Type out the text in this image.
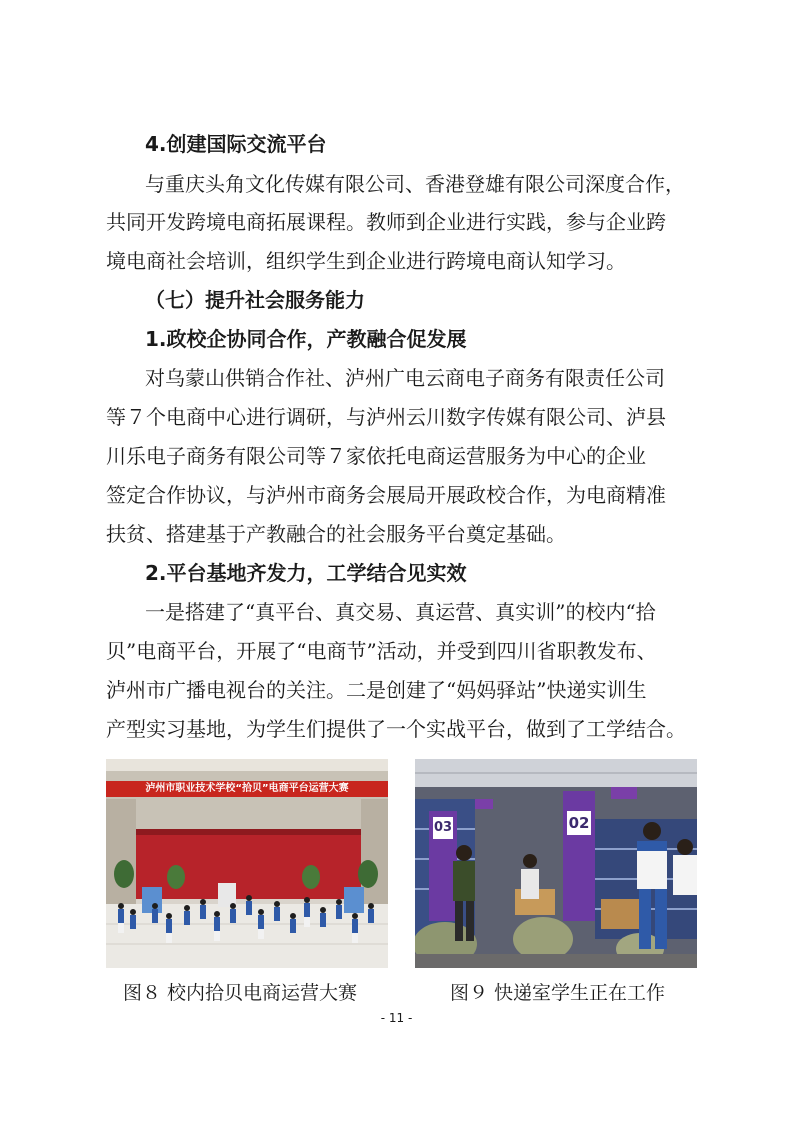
4.创建国际交流平台
与重庆头角文化传媒有限公司、香港登雄有限公司深度合作，
共同开发跨境电商拓展课程。教师到企业进行实践，参与企业跨
境电商社会培训，组织学生到企业进行跨境电商认知学习。
（七）提升社会服务能力
1.政校企协同合作，产教融合促发展
对乌蒙山供销合作社、泸州广电云商电子商务有限责任公司
等７个电商中心进行调研，与泸州云川数字传媒有限公司、泸县
川乐电子商务有限公司等７家依托电商运营服务为中心的企业
签定合作协议，与泸州市商务会展局开展政校合作，为电商精准
扶贫、搭建基于产教融合的社会服务平台奠定基础。
2.平台基地齐发力，工学结合见实效
一是搭建了“真平台、真交易、真运营、真实训”的校内“拾
贝”电商平台，开展了“电商节”活动，并受到四川省职教发布、
泸州市广播电视台的关注。二是创建了“妈妈驿站”快递实训生
产型实习基地，为学生们提供了一个实战平台，做到了工学结合。
泸州市职业技术学校“拾贝”电商平台运营大赛
图８ 校内拾贝电商运营大赛
03	02
图９ 快递室学生正在工作
- 11 -
